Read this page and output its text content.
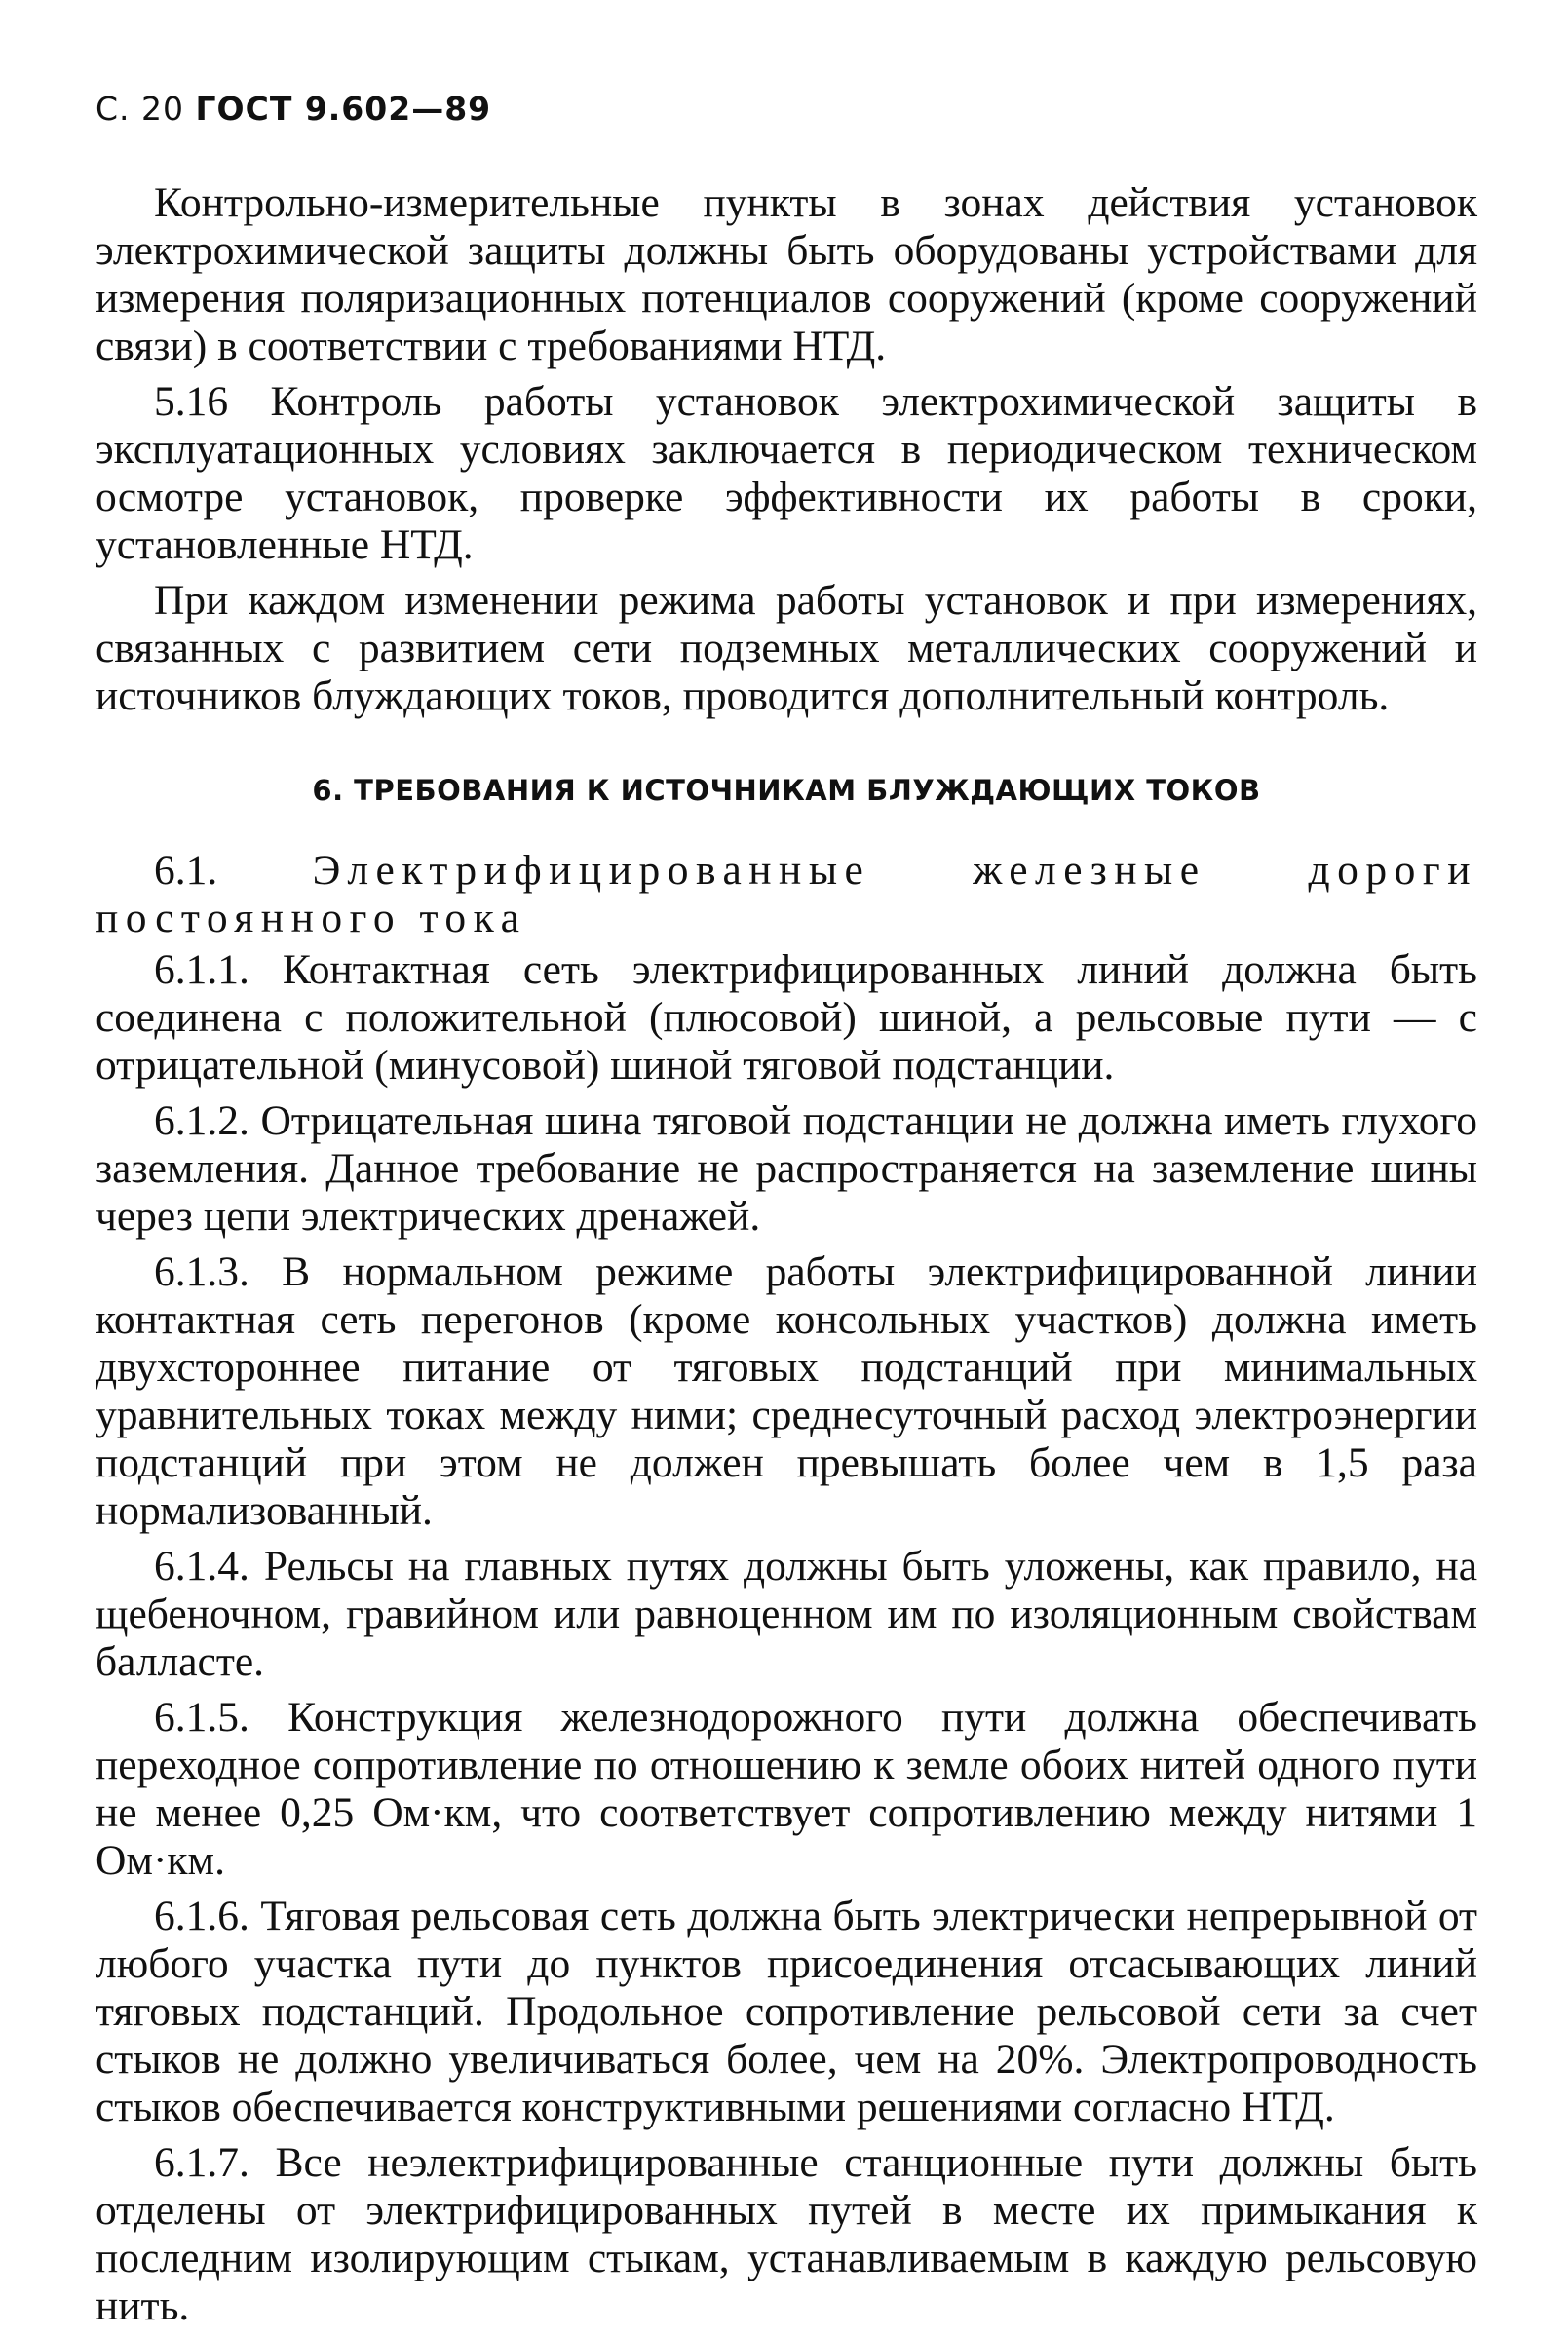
С. 20 ГОСТ 9.602—89

Контрольно-измерительные пункты в зонах действия установок электрохимической защиты должны быть оборудованы устройствами для измерения поляризационных потенциалов сооружений (кроме сооружений связи) в соответствии с требованиями НТД.

5.16 Контроль работы установок электрохимической защиты в эксплуатационных условиях заключается в периодическом техническом осмотре установок, проверке эффективности их работы в сроки, установленные НТД.

При каждом изменении режима работы установок и при измерениях, связанных с развитием сети подземных металлических сооружений и источников блуждающих токов, проводится дополнительный контроль.

6. ТРЕБОВАНИЯ К ИСТОЧНИКАМ БЛУЖДАЮЩИХ ТОКОВ

6.1. Электрифицированные железные дороги постоянного тока

6.1.1. Контактная сеть электрифицированных линий должна быть соединена с положительной (плюсовой) шиной, а рельсовые пути — с отрицательной (минусовой) шиной тяговой подстанции.

6.1.2. Отрицательная шина тяговой подстанции не должна иметь глухого заземления. Данное требование не распространяется на заземление шины через цепи электрических дренажей.

6.1.3. В нормальном режиме работы электрифицированной линии контактная сеть перегонов (кроме консольных участков) должна иметь двухстороннее питание от тяговых подстанций при минимальных уравнительных токах между ними; среднесуточный расход электроэнергии подстанций при этом не должен превышать более чем в 1,5 раза нормализованный.

6.1.4. Рельсы на главных путях должны быть уложены, как правило, на щебеночном, гравийном или равноценном им по изоляционным свойствам балласте.

6.1.5. Конструкция железнодорожного пути должна обеспечивать переходное сопротивление по отношению к земле обоих нитей одного пути не менее 0,25 Ом·км, что соответствует сопротивлению между нитями 1 Ом·км.

6.1.6. Тяговая рельсовая сеть должна быть электрически непрерывной от любого участка пути до пунктов присоединения отсасывающих линий тяговых подстанций. Продольное сопротивление рельсовой сети за счет стыков не должно увеличиваться более, чем на 20%. Электропроводность стыков обеспечивается конструктивными решениями согласно НТД.

6.1.7. Все неэлектрифицированные станционные пути должны быть отделены от электрифицированных путей в месте их примыкания к последним изолирующим стыкам, устанавливаемым в каждую рельсовую нить.
